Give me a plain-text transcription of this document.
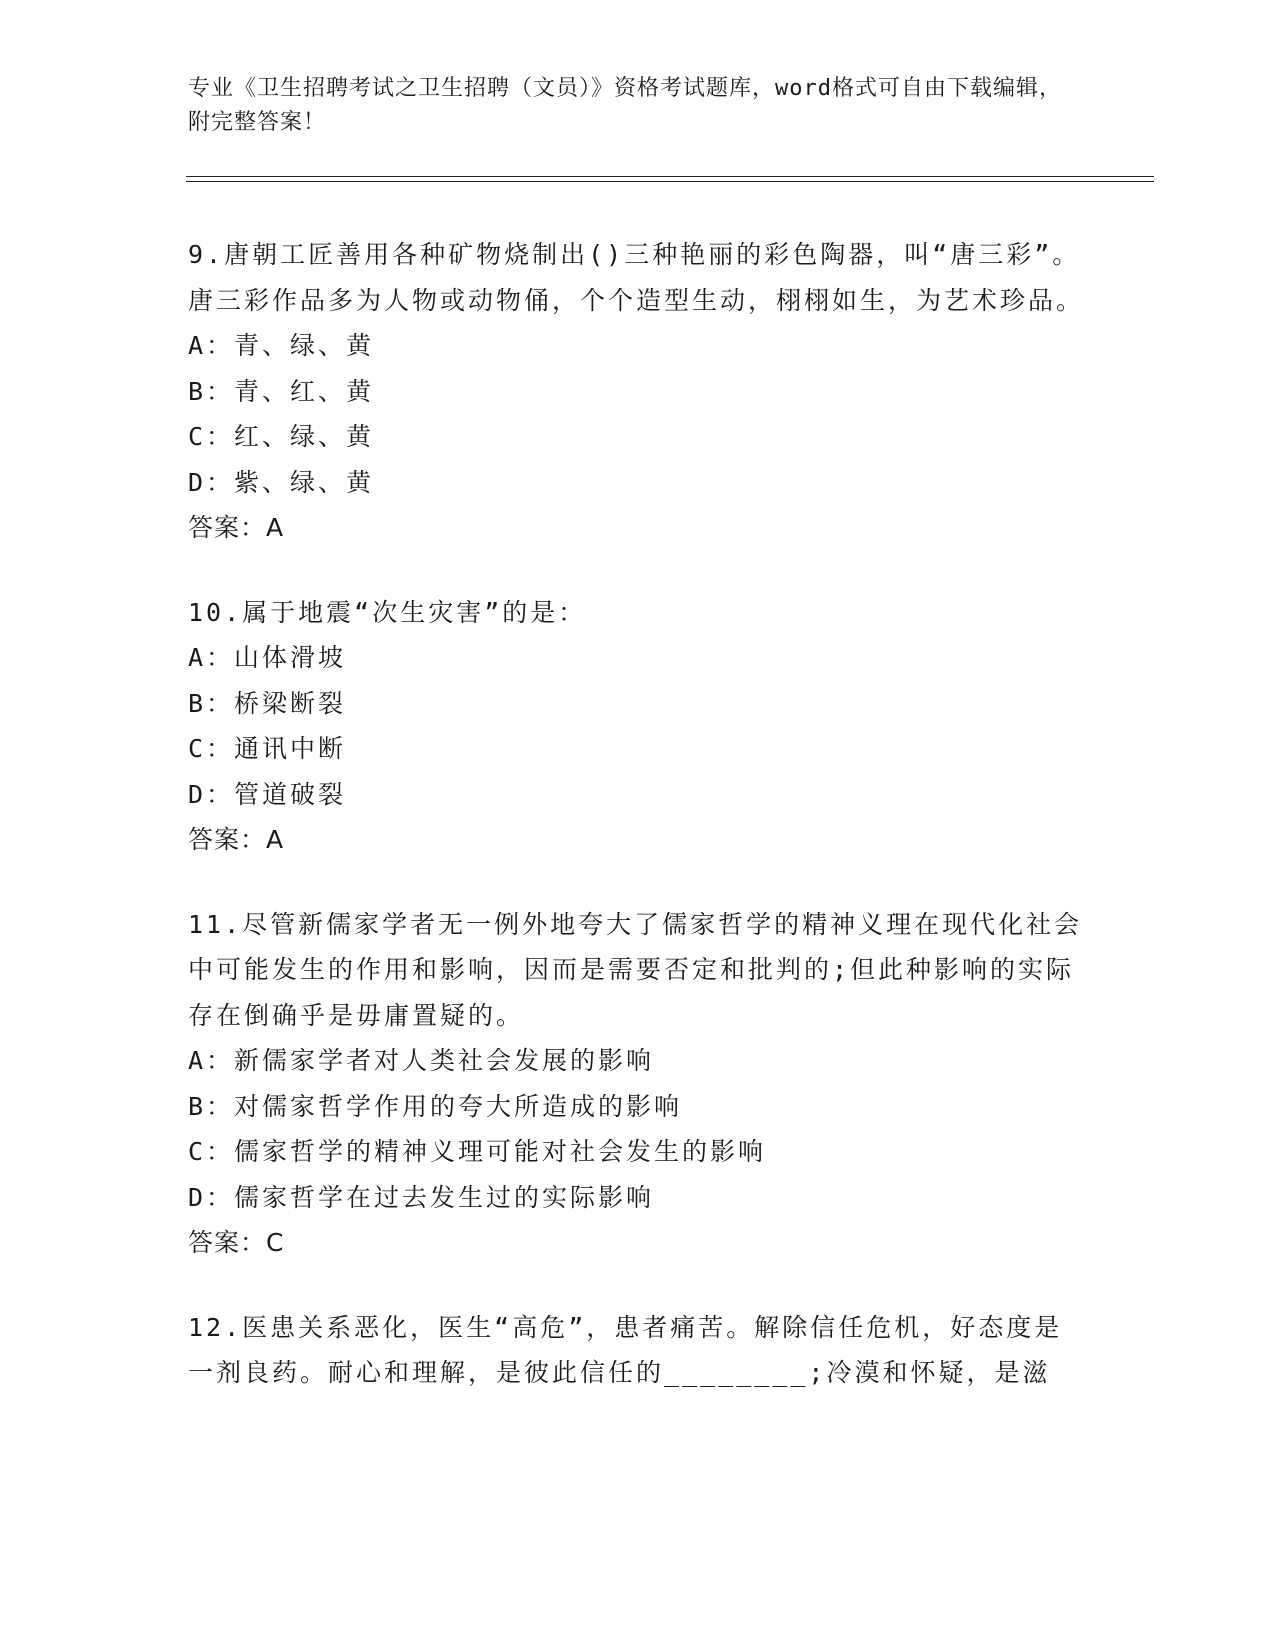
专业《卫生招聘考试之卫生招聘（文员）》资格考试题库，word格式可自由下载编辑，附完整答案！
9.唐朝工匠善用各种矿物烧制出()三种艳丽的彩色陶器，叫“唐三彩”。唐三彩作品多为人物或动物俑，个个造型生动，栩栩如生，为艺术珍品。
A：青、绿、黄
B：青、红、黄
C：红、绿、黄
D：紫、绿、黄
答案：A
10.属于地震“次生灾害”的是：
A：山体滑坡
B：桥梁断裂
C：通讯中断
D：管道破裂
答案：A
11.尽管新儒家学者无一例外地夸大了儒家哲学的精神义理在现代化社会中可能发生的作用和影响，因而是需要否定和批判的;但此种影响的实际存在倒确乎是毋庸置疑的。
A：新儒家学者对人类社会发展的影响
B：对儒家哲学作用的夸大所造成的影响
C：儒家哲学的精神义理可能对社会发生的影响
D：儒家哲学在过去发生过的实际影响
答案：C
12.医患关系恶化，医生“高危”，患者痛苦。解除信任危机，好态度是一剂良药。耐心和理解，是彼此信任的________;冷漠和怀疑，是滋
